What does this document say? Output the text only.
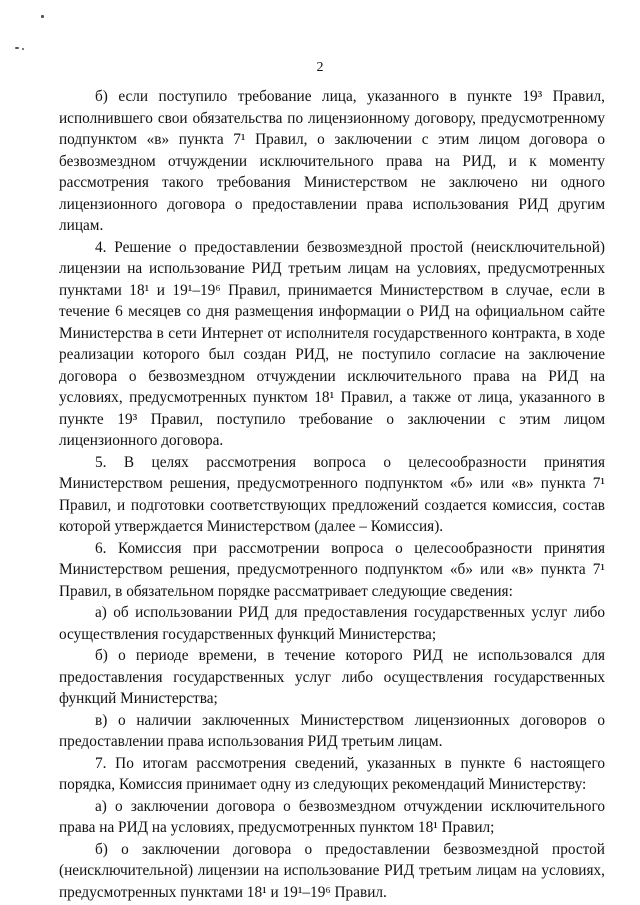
2

б) если поступило требование лица, указанного в пункте 19³ Правил, исполнившего свои обязательства по лицензионному договору, предусмотренному подпунктом «в» пункта 7¹ Правил, о заключении с этим лицом договора о безвозмездном отчуждении исключительного права на РИД, и к моменту рассмотрения такого требования Министерством не заключено ни одного лицензионного договора о предоставлении права использования РИД другим лицам.

4. Решение о предоставлении безвозмездной простой (неисключительной) лицензии на использование РИД третьим лицам на условиях, предусмотренных пунктами 18¹ и 19¹–19⁶ Правил, принимается Министерством в случае, если в течение 6 месяцев со дня размещения информации о РИД на официальном сайте Министерства в сети Интернет от исполнителя государственного контракта, в ходе реализации которого был создан РИД, не поступило согласие на заключение договора о безвозмездном отчуждении исключительного права на РИД на условиях, предусмотренных пунктом 18¹ Правил, а также от лица, указанного в пункте 19³ Правил, поступило требование о заключении с этим лицом лицензионного договора.

5. В целях рассмотрения вопроса о целесообразности принятия Министерством решения, предусмотренного подпунктом «б» или «в» пункта 7¹ Правил, и подготовки соответствующих предложений создается комиссия, состав которой утверждается Министерством (далее – Комиссия).

6. Комиссия при рассмотрении вопроса о целесообразности принятия Министерством решения, предусмотренного подпунктом «б» или «в» пункта 7¹ Правил, в обязательном порядке рассматривает следующие сведения:

а) об использовании РИД для предоставления государственных услуг либо осуществления государственных функций Министерства;

б) о периоде времени, в течение которого РИД не использовался для предоставления государственных услуг либо осуществления государственных функций Министерства;

в) о наличии заключенных Министерством лицензионных договоров о предоставлении права использования РИД третьим лицам.

7. По итогам рассмотрения сведений, указанных в пункте 6 настоящего порядка, Комиссия принимает одну из следующих рекомендаций Министерству:

а) о заключении договора о безвозмездном отчуждении исключительного права на РИД на условиях, предусмотренных пунктом 18¹ Правил;

б) о заключении договора о предоставлении безвозмездной простой (неисключительной) лицензии на использование РИД третьим лицам на условиях, предусмотренных пунктами 18¹ и 19¹–19⁶ Правил.
